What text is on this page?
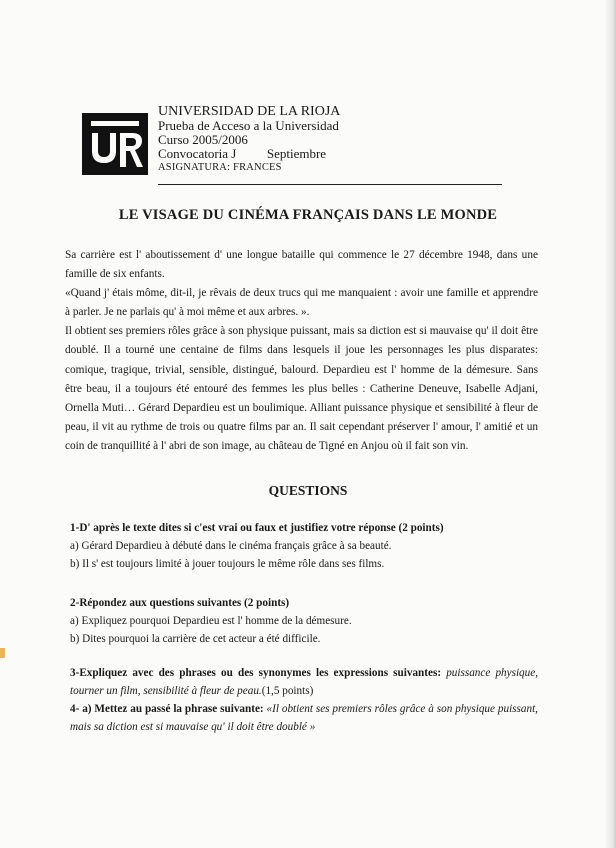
UNIVERSIDAD DE LA RIOJA
Prueba de Acceso a la Universidad
Curso 2005/2006
Convocatoria J Septiembre
ASIGNATURA: FRANCES
LE VISAGE DU CINÉMA FRANÇAIS DANS LE MONDE

Sa carrière est l' aboutissement d' une longue bataille qui commence le 27 décembre 1948, dans une famille de six enfants.

«Quand j' étais môme, dit-il, je rêvais de deux trucs qui me manquaient : avoir une famille et apprendre à parler. Je ne parlais qu' à moi même et aux arbres. ».

Il obtient ses premiers rôles grâce à son physique puissant, mais sa diction est si mauvaise qu' il doit être doublé. Il a tourné une centaine de films dans lesquels il joue les personnages les plus disparates: comique, tragique, trivial, sensible, distingué, balourd. Depardieu est l' homme de la démesure. Sans être beau, il a toujours été entouré des femmes les plus belles : Catherine Deneuve, Isabelle Adjani, Ornella Muti… Gérard Depardieu est un boulimique. Alliant puissance physique et sensibilité à fleur de peau, il vit au rythme de trois ou quatre films par an. Il sait cependant préserver l' amour, l' amitié et un coin de tranquillité à l' abri de son image, au château de Tigné en Anjou où il fait son vin.

QUESTIONS

1-D' après le texte dites si c'est vrai ou faux et justifiez votre réponse (2 points)

a) Gérard Depardieu à débuté dans le cinéma français grâce à sa beauté.

b) Il s' est toujours limité à jouer toujours le même rôle dans ses films.

2-Répondez aux questions suivantes (2 points)

a) Expliquez pourquoi Depardieu est l' homme de la démesure.

b) Dites pourquoi la carrière de cet acteur a été difficile.

3-Expliquez avec des phrases ou des synonymes les expressions suivantes: puissance physique, tourner un film, sensibilité à fleur de peau.(1,5 points)

4- a) Mettez au passé la phrase suivante: «Il obtient ses premiers rôles grâce à son physique puissant, mais sa diction est si mauvaise qu' il doit être doublé »
